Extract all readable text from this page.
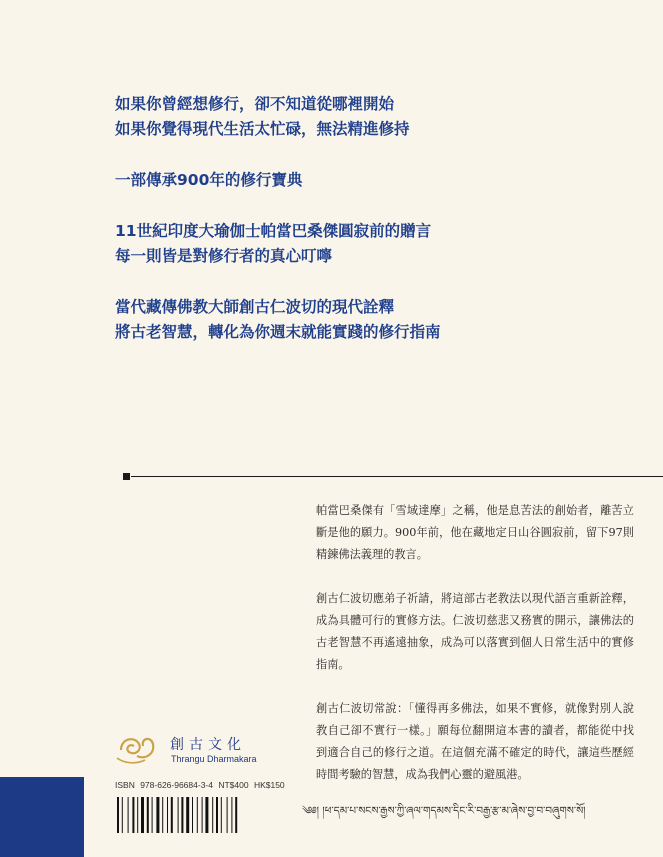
如果你曾經想修行，卻不知道從哪裡開始
如果你覺得現代生活太忙碌，無法精進修持
一部傳承900年的修行寶典
11世紀印度大瑜伽士帕當巴桑傑圓寂前的贈言
每一則皆是對修行者的真心叮嚀
當代藏傳佛教大師創古仁波切的現代詮釋
將古老智慧，轉化為你週末就能實踐的修行指南

帕當巴桑傑有「雪域達摩」之稱，他是息苦法的創始者，離苦立斷是他的願力。900年前，他在藏地定日山谷圓寂前，留下97則精鍊佛法義理的教言。

創古仁波切應弟子祈請，將這部古老教法以現代語言重新詮釋，成為具體可行的實修方法。仁波切慈悲又務實的開示，讓佛法的古老智慧不再遙遠抽象，成為可以落實到個人日常生活中的實修指南。

創古仁波切常說：「懂得再多佛法，如果不實修，就像對別人說教自己卻不實行一樣。」願每位翻開這本書的讀者，都能從中找到適合自己的修行之道。在這個充滿不確定的時代，讓這些歷經時間考驗的智慧，成為我們心靈的避風港。

創古文化
Thrangu Dharmakara
ISBN 978-626-96684-3-4 NT$400 HK$150
༄༅། །ཕ་དམ་པ་སངས་རྒྱས་ཀྱི་ཞལ་གདམས་དིང་རི་བརྒྱ་རྩ་མ་ཞེས་བྱ་བ་བཞུགས་སོ།
